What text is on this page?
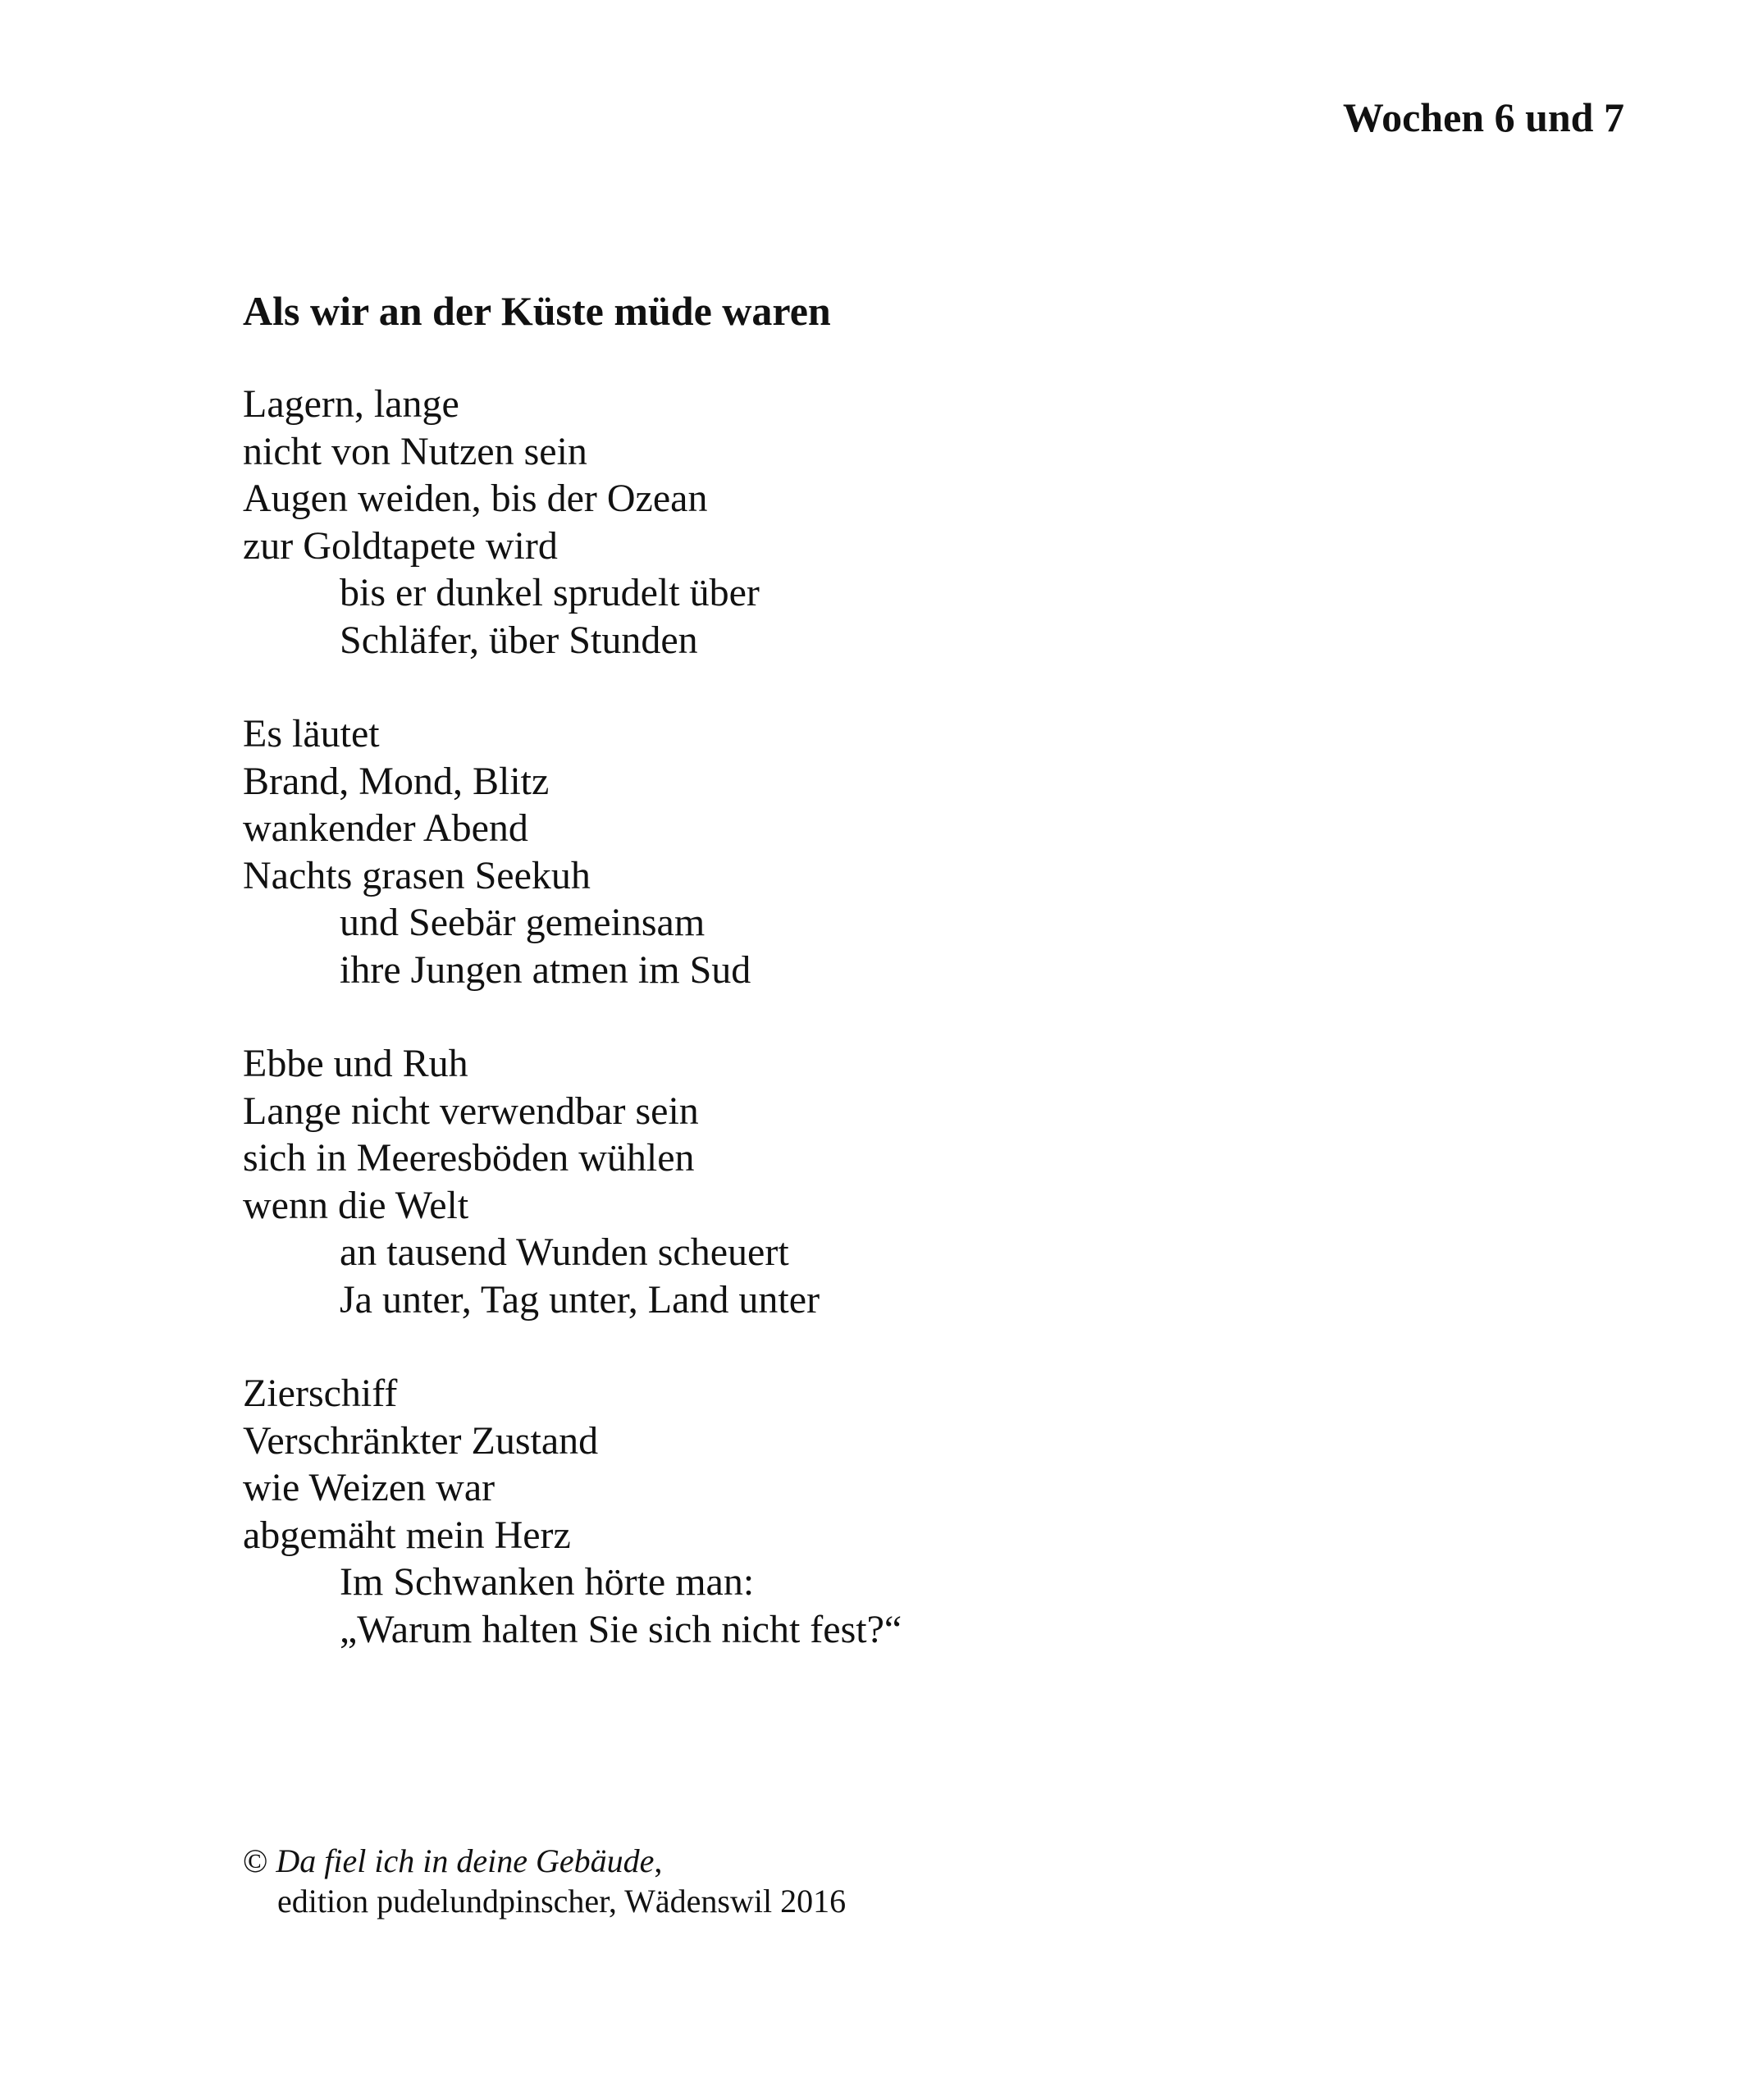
Wochen 6 und 7
Als wir an der Küste müde waren
Lagern, lange
nicht von Nutzen sein
Augen weiden, bis der Ozean
zur Goldtapete wird
bis er dunkel sprudelt über
Schläfer, über Stunden
Es läutet
Brand, Mond, Blitz
wankender Abend
Nachts grasen Seekuh
und Seebär gemeinsam
ihre Jungen atmen im Sud
Ebbe und Ruh
Lange nicht verwendbar sein
sich in Meeresböden wühlen
wenn die Welt
an tausend Wunden scheuert
Ja unter, Tag unter, Land unter
Zierschiff
Verschränkter Zustand
wie Weizen war
abgemäht mein Herz
Im Schwanken hörte man:
„Warum halten Sie sich nicht fest?“
© Da fiel ich in deine Gebäude,
edition pudelundpinscher, Wädenswil 2016
